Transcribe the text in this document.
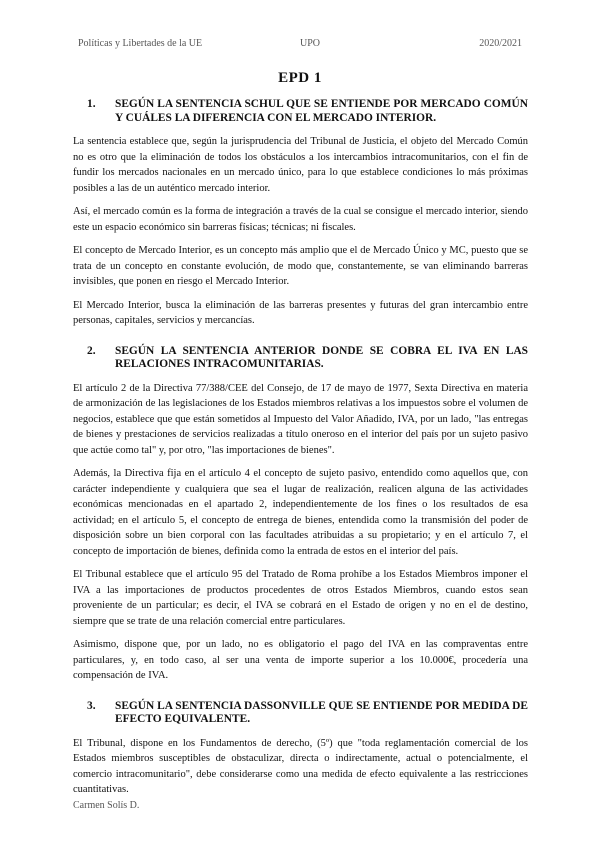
Políticas y Libertades de la UE	UPO	2020/2021
EPD 1
1.	SEGÚN LA SENTENCIA SCHUL QUE SE ENTIENDE POR MERCADO COMÚN Y CUÁLES LA DIFERENCIA CON EL MERCADO INTERIOR.

La sentencia establece que, según la jurisprudencia del Tribunal de Justicia, el objeto del Mercado Común no es otro que la eliminación de todos los obstáculos a los intercambios intracomunitarios, con el fin de fundir los mercados nacionales en un mercado único, para lo que establece condiciones lo más próximas posibles a las de un auténtico mercado interior.

Así, el mercado común es la forma de integración a través de la cual se consigue el mercado interior, siendo este un espacio económico sin barreras físicas; técnicas; ni fiscales.

El concepto de Mercado Interior, es un concepto más amplio que el de Mercado Único y MC, puesto que se trata de un concepto en constante evolución, de modo que, constantemente, se van eliminando barreras invisibles, que ponen en riesgo el Mercado Interior.

El Mercado Interior, busca la eliminación de las barreras presentes y futuras del gran intercambio entre personas, capitales, servicios y mercancías.

2.	SEGÚN LA SENTENCIA ANTERIOR DONDE SE COBRA EL IVA EN LAS RELACIONES INTRACOMUNITARIAS.

El artículo 2 de la Directiva 77/388/CEE del Consejo, de 17 de mayo de 1977, Sexta Directiva en materia de armonización de las legislaciones de los Estados miembros relativas a los impuestos sobre el volumen de negocios, establece que que están sometidos al Impuesto del Valor Añadido, IVA, por un lado, "las entregas de bienes y prestaciones de servicios realizadas a título oneroso en el interior del país por un sujeto pasivo que actúe como tal" y, por otro, "las importaciones de bienes".

Además, la Directiva fija en el artículo 4 el concepto de sujeto pasivo, entendido como aquellos que, con carácter independiente y cualquiera que sea el lugar de realización, realicen alguna de las actividades económicas mencionadas en el apartado 2, independientemente de los fines o los resultados de esa actividad; en el artículo 5, el concepto de entrega de bienes, entendida como la transmisión del poder de disposición sobre un bien corporal con las facultades atribuidas a su propietario; y en el artículo 7, el concepto de importación de bienes, definida como la entrada de estos en el interior del país.

El Tribunal establece que el artículo 95 del Tratado de Roma prohíbe a los Estados Miembros imponer el IVA a las importaciones de productos procedentes de otros Estados Miembros, cuando estos sean proveniente de un particular; es decir, el IVA se cobrará en el Estado de origen y no en el de destino, siempre que se trate de una relación comercial entre particulares.

Asimismo, dispone que, por un lado, no es obligatorio el pago del IVA en las compraventas entre particulares, y, en todo caso, al ser una venta de importe superior a los 10.000€, procedería una compensación de IVA.

3.	SEGÚN LA SENTENCIA DASSONVILLE QUE SE ENTIENDE POR MEDIDA DE EFECTO EQUIVALENTE.

El Tribunal, dispone en los Fundamentos de derecho, (5º) que "toda reglamentación comercial de los Estados miembros susceptibles de obstaculizar, directa o indirectamente, actual o potencialmente, el comercio intracomunitario", debe considerarse como una medida de efecto equivalente a las restricciones cuantitativas.

Carmen Solís D.
